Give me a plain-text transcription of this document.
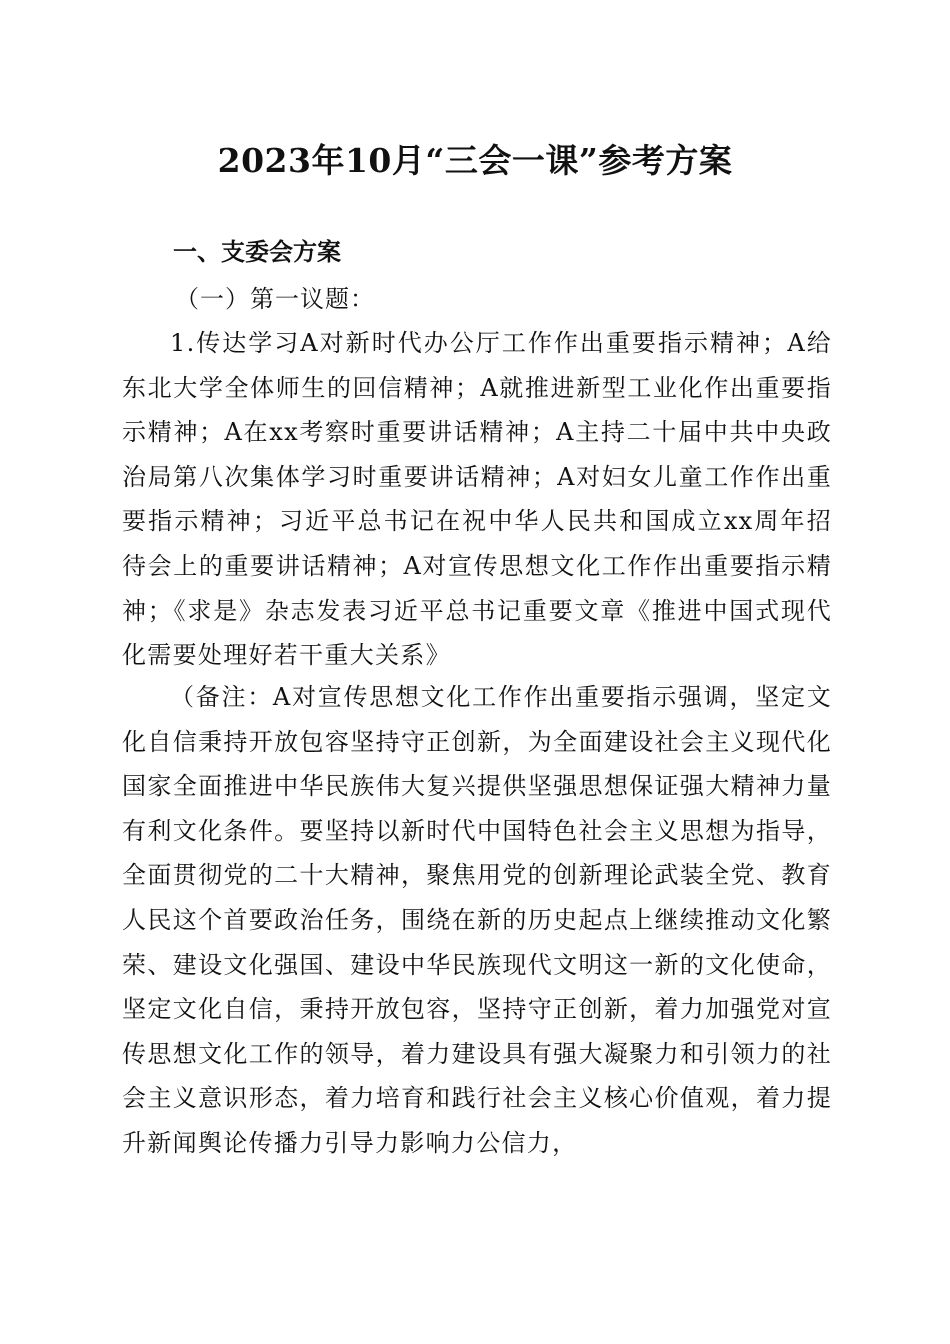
2023年10月“三会一课”参考方案
一、支委会方案

（一）第一议题：

1.传达学习A对新时代办公厅工作作出重要指示精神；A给东北大学全体师生的回信精神；A就推进新型工业化作出重要指示精神；A在xx考察时重要讲话精神；A主持二十届中共中央政治局第八次集体学习时重要讲话精神；A对妇女儿童工作作出重要指示精神；习近平总书记在祝中华人民共和国成立xx周年招待会上的重要讲话精神；A对宣传思想文化工作作出重要指示精神；《求是》杂志发表习近平总书记重要文章《推进中国式现代化需要处理好若干重大关系》

（备注：A对宣传思想文化工作作出重要指示强调，坚定文化自信秉持开放包容坚持守正创新，为全面建设社会主义现代化国家全面推进中华民族伟大复兴提供坚强思想保证强大精神力量有利文化条件。要坚持以新时代中国特色社会主义思想为指导，全面贯彻党的二十大精神，聚焦用党的创新理论武装全党、教育人民这个首要政治任务，围绕在新的历史起点上继续推动文化繁荣、建设文化强国、建设中华民族现代文明这一新的文化使命，坚定文化自信，秉持开放包容，坚持守正创新，着力加强党对宣传思想文化工作的领导，着力建设具有强大凝聚力和引领力的社会主义意识形态，着力培育和践行社会主义核心价值观，着力提升新闻舆论传播力引导力影响力公信力，
